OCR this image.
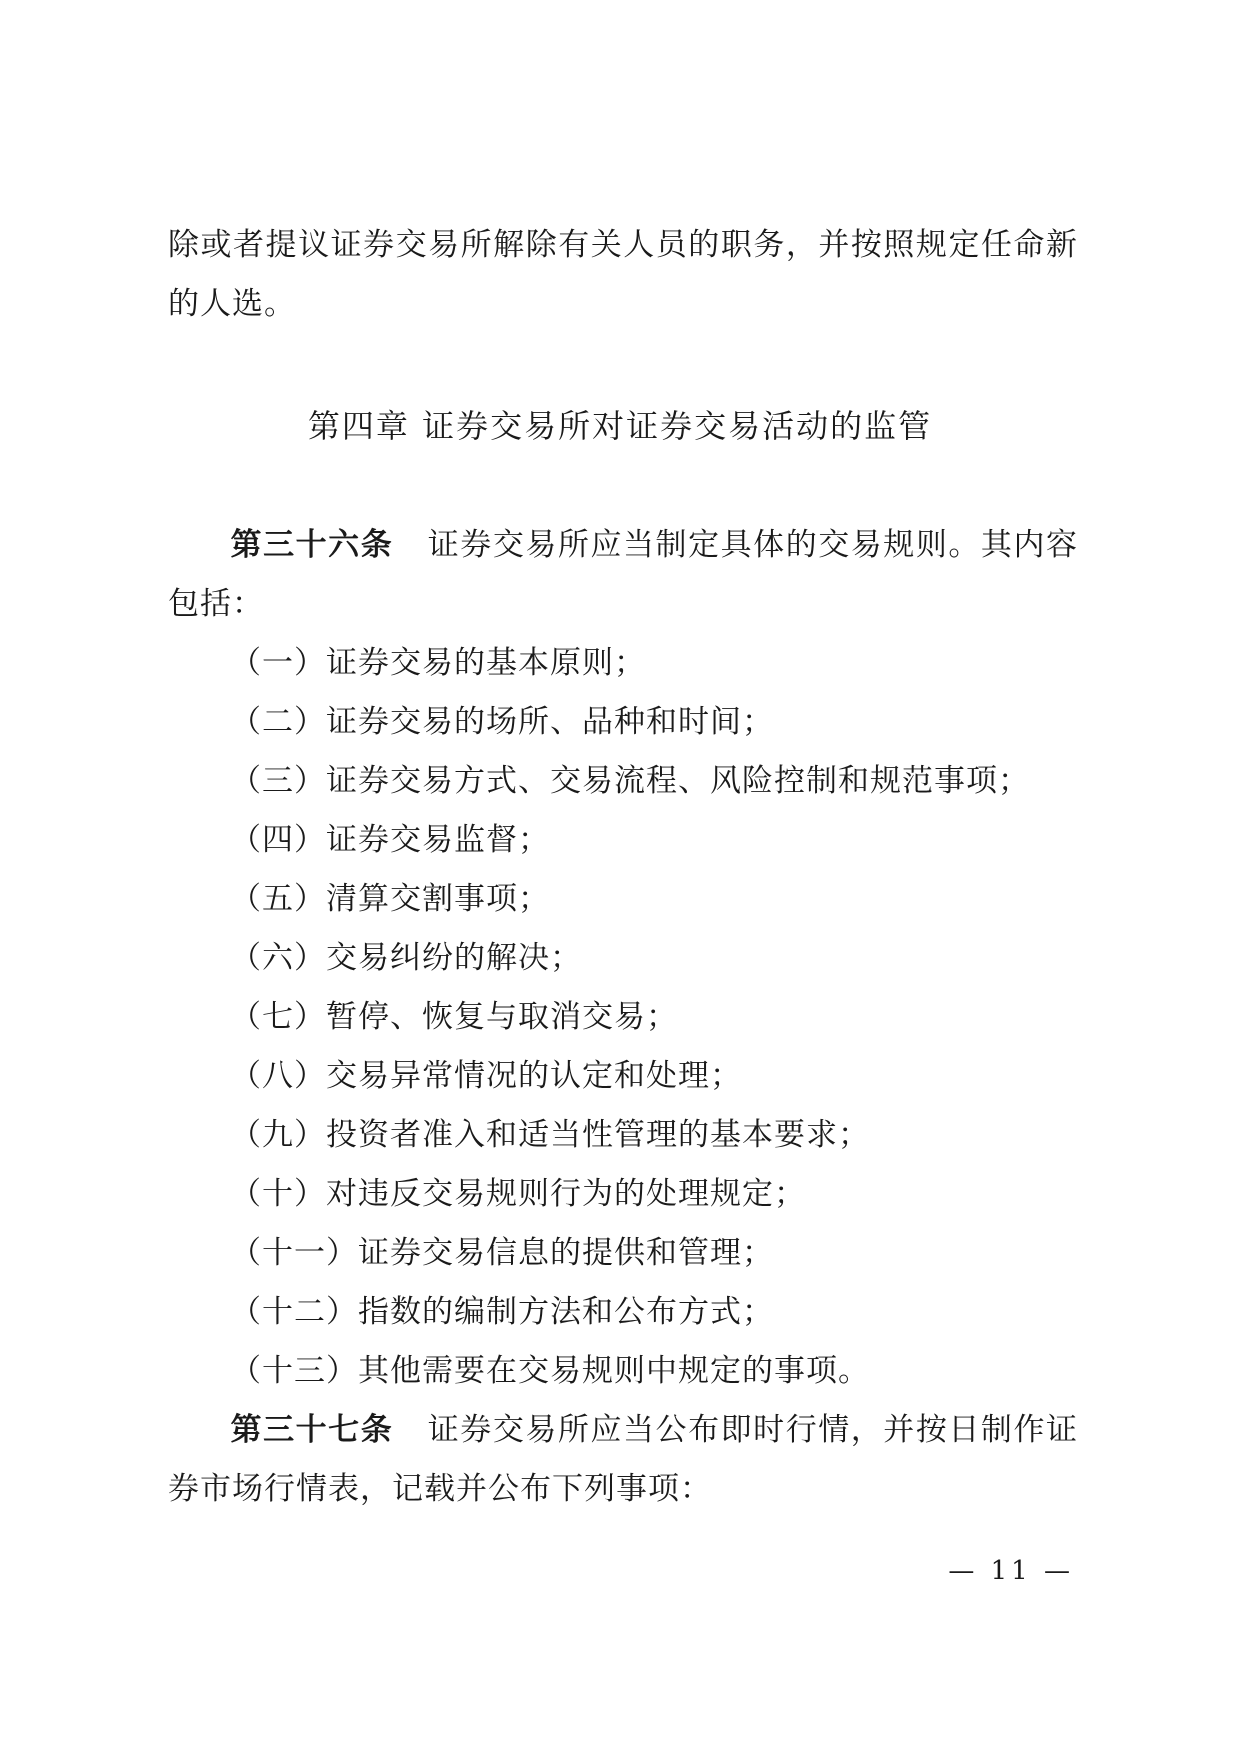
除或者提议证券交易所解除有关人员的职务，并按照规定任命新
的人选。
第四章 证券交易所对证券交易活动的监管
第三十六条 证券交易所应当制定具体的交易规则。其内容
包括：
（一）证券交易的基本原则；
（二）证券交易的场所、品种和时间；
（三）证券交易方式、交易流程、风险控制和规范事项；
（四）证券交易监督；
（五）清算交割事项；
（六）交易纠纷的解决；
（七）暂停、恢复与取消交易；
（八）交易异常情况的认定和处理；
（九）投资者准入和适当性管理的基本要求；
（十）对违反交易规则行为的处理规定；
（十一）证券交易信息的提供和管理；
（十二）指数的编制方法和公布方式；
（十三）其他需要在交易规则中规定的事项。
第三十七条 证券交易所应当公布即时行情，并按日制作证
券市场行情表，记载并公布下列事项：
— 11 —
